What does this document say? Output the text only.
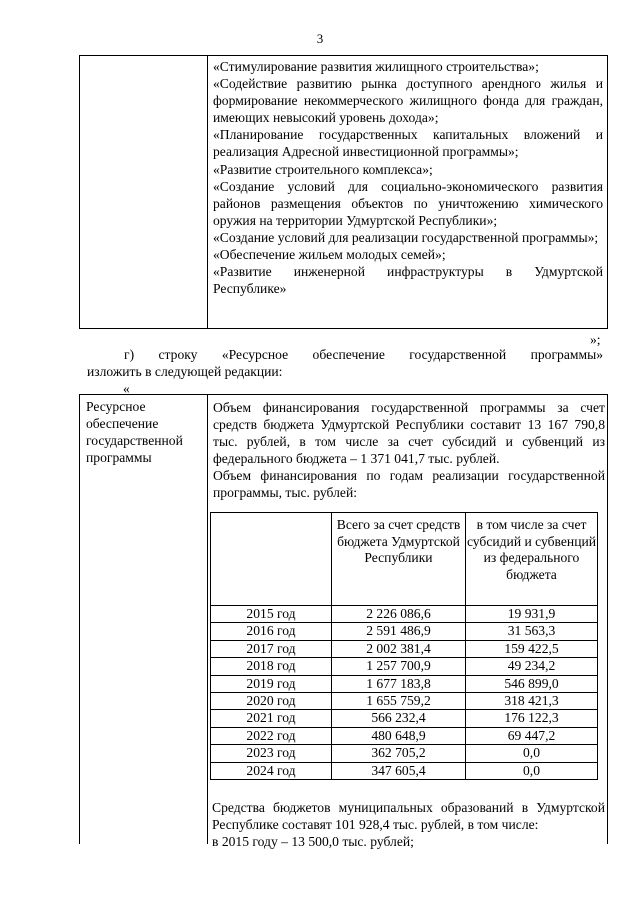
3

«Стимулирование развития жилищного строительства»;

«Содействие развитию рынка доступного арендного жилья и формирование некоммерческого жилищного фонда для граждан, имеющих невысокий уровень дохода»;

«Планирование государственных капитальных вложений и реализация Адресной инвестиционной программы»;

«Развитие строительного комплекса»;

«Создание условий для социально-экономического развития районов размещения объектов по уничтожению химического оружия на территории Удмуртской Республики»;

«Создание условий для реализации государственной программы»;

«Обеспечение жильем молодых семей»;

«Развитие инженерной инфраструктуры в Удмуртской Республике»

»;
г) строку «Ресурсное обеспечение государственной программы»
изложить в следующей редакции:
«
Ресурсное обеспечение государственной программы
Объем финансирования государственной программы за счет средств бюджета Удмуртской Республики составит 13 167 790,8 тыс. рублей, в том числе за счет субсидий и субвенций из федерального бюджета – 1 371 041,7 тыс. рублей.
Объем финансирования по годам реализации государственной программы, тыс. рублей:
	Всего за счет средств бюджета Удмуртской Республики	в том числе за счет субсидий и субвенций из федерального бюджета
2015 год	2 226 086,6	19 931,9
2016 год	2 591 486,9	31 563,3
2017 год	2 002 381,4	159 422,5
2018 год	1 257 700,9	49 234,2
2019 год	1 677 183,8	546 899,0
2020 год	1 655 759,2	318 421,3
2021 год	566 232,4	176 122,3
2022 год	480 648,9	69 447,2
2023 год	362 705,2	0,0
2024 год	347 605,4	0,0
Средства бюджетов муниципальных образований в Удмуртской Республике составят 101 928,4 тыс. рублей, в том числе:
в 2015 году – 13 500,0 тыс. рублей;
